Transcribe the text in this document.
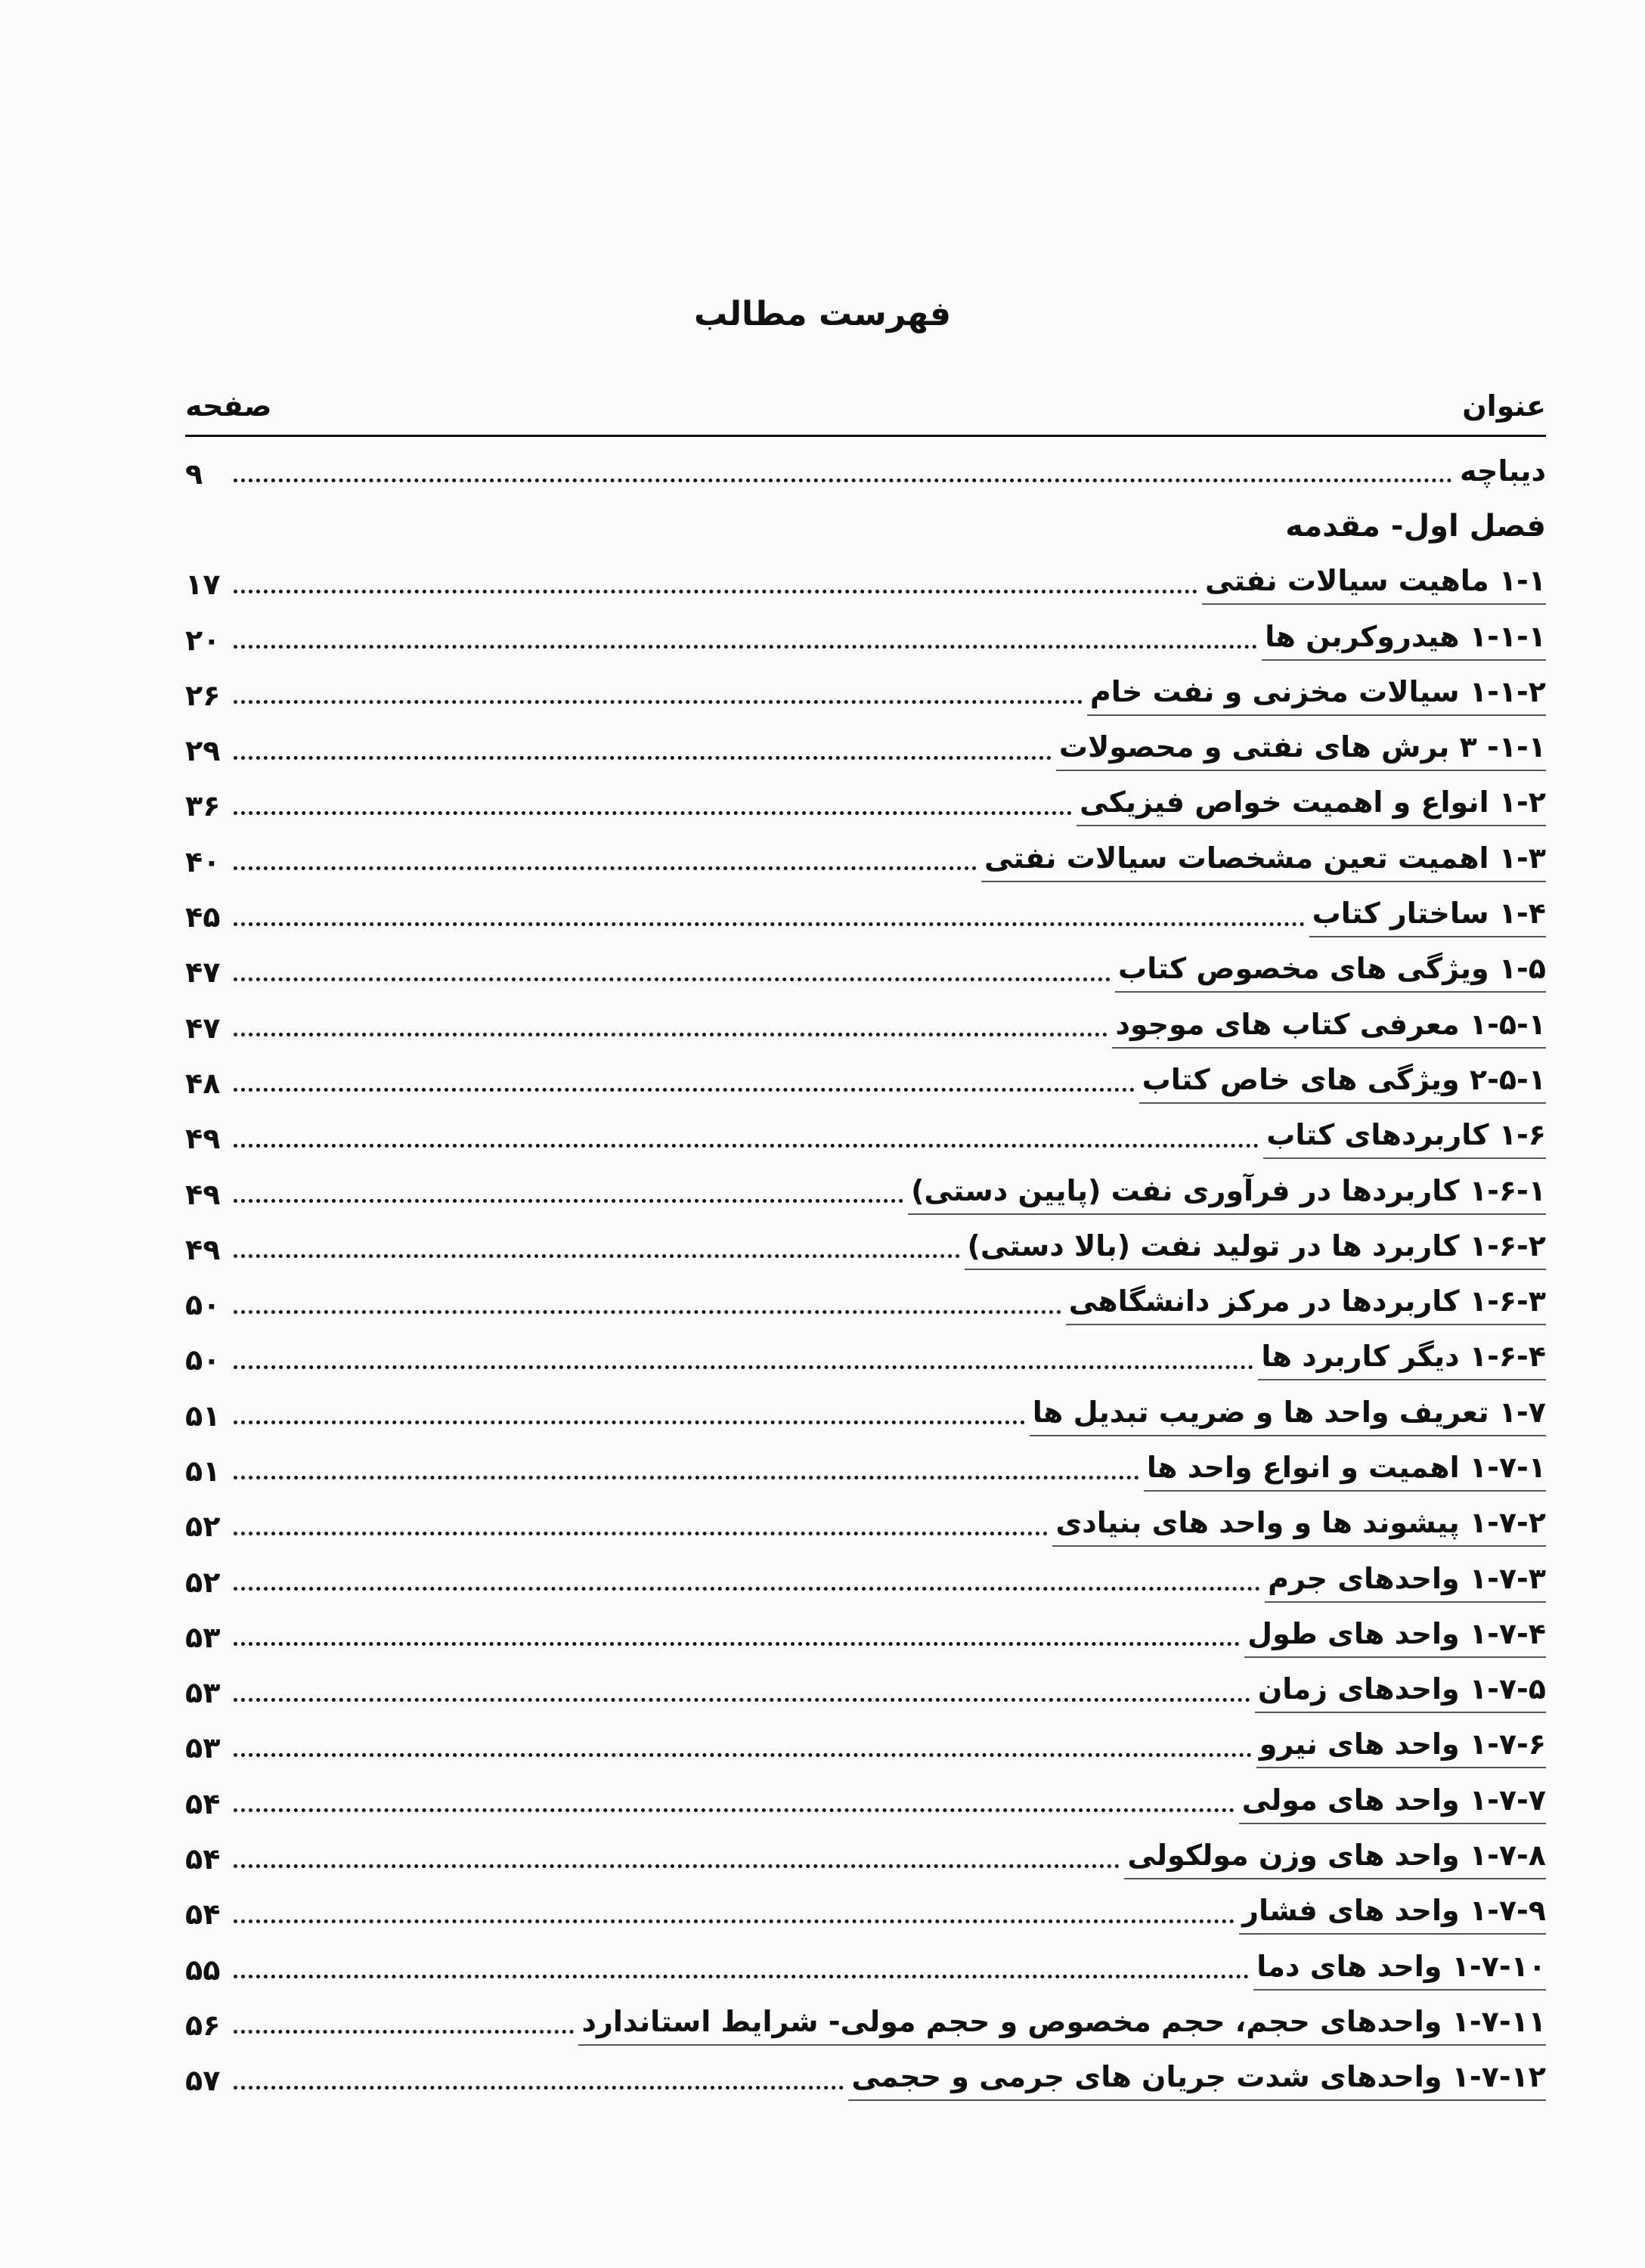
فهرست مطالب
عنوان
صفحه
دیباچه
۹
فصل اول- مقدمه
۱-۱ ماهیت سیالات نفتی
۱۷
۱-۱-۱ هیدروکربن ها
۲۰
۱-۱-۲ سیالات مخزنی و نفت خام
۲۶
۱-۱- ۳ برش های نفتی و محصولات
۲۹
۱-۲ انواع و اهمیت خواص فیزیکی
۳۶
۱-۳ اهمیت تعین مشخصات سیالات نفتی
۴۰
۱-۴ ساختار کتاب
۴۵
۱-۵ ویژگی های مخصوص کتاب
۴۷
۱-۵-۱ معرفی کتاب های موجود
۴۷
۲-۵-۱ ویژگی های خاص کتاب
۴۸
۱-۶ کاربردهای کتاب
۴۹
۱-۶-۱ کاربردها در فرآوری نفت (پایین دستی)
۴۹
۱-۶-۲ کاربرد ها در تولید نفت (بالا دستی)
۴۹
۱-۶-۳ کاربردها در مرکز دانشگاهی
۵۰
۱-۶-۴ دیگر کاربرد ها
۵۰
۱-۷ تعریف واحد ها و ضریب تبدیل ها
۵۱
۱-۷-۱ اهمیت و انواع واحد ها
۵۱
۱-۷-۲ پیشوند ها و واحد های بنیادی
۵۲
۱-۷-۳ واحدهای جرم
۵۲
۱-۷-۴ واحد های طول
۵۳
۱-۷-۵ واحدهای زمان
۵۳
۱-۷-۶ واحد های نیرو
۵۳
۱-۷-۷ واحد های مولی
۵۴
۱-۷-۸ واحد های وزن مولکولی
۵۴
۱-۷-۹ واحد های فشار
۵۴
۱-۷-۱۰ واحد های دما
۵۵
۱-۷-۱۱ واحدهای حجم، حجم مخصوص و حجم مولی- شرایط استاندارد
۵۶
۱-۷-۱۲ واحدهای شدت جریان های جرمی و حجمی
۵۷
